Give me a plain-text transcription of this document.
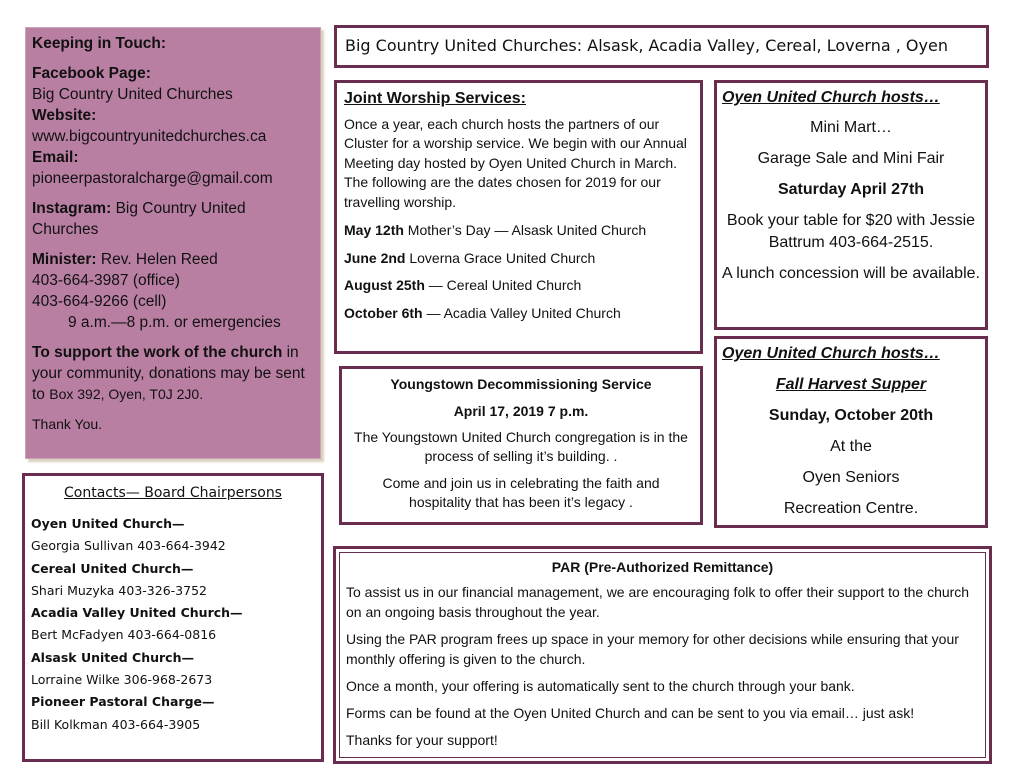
Keeping in Touch:

Facebook Page:

Big Country United Churches

Website:

www.bigcountryunitedchurches.ca

Email:

pioneerpastoralcharge@gmail.com

Instagram: Big Country United Churches

Minister: Rev. Helen Reed

403-664-3987 (office)

403-664-9266 (cell)

9 a.m.—8 p.m. or emergencies

To support the work of the church in your community, donations may be sent to Box 392, Oyen, T0J 2J0.

Thank You.

Contacts— Board Chairpersons

Oyen United Church—

Georgia Sullivan 403-664-3942

Cereal United Church—

Shari Muzyka 403-326-3752

Acadia Valley United Church—

Bert McFadyen 403-664-0816

Alsask United Church—

Lorraine Wilke 306-968-2673

Pioneer Pastoral Charge—

Bill Kolkman 403-664-3905

Big Country United Churches: Alsask, Acadia Valley, Cereal, Loverna , Oyen

Joint Worship Services:

Once a year, each church hosts the partners of our Cluster for a worship service. We begin with our Annual Meeting day hosted by Oyen United Church in March. The following are the dates chosen for 2019 for our travelling worship.

May 12th Mother’s Day — Alsask United Church

June 2nd Loverna Grace United Church

August 25th — Cereal United Church

October 6th — Acadia Valley United Church

Youngstown Decommissioning Service

April 17, 2019 7 p.m.

The Youngstown United Church congregation is in the process of selling it’s building. .

Come and join us in celebrating the faith and hospitality that has been it’s legacy .

Oyen United Church hosts…

Mini Mart…

Garage Sale and Mini Fair

Saturday April 27th

Book your table for $20 with Jessie Battrum 403-664-2515.

A lunch concession will be available.

Oyen United Church hosts…

Fall Harvest Supper

Sunday, October 20th

At the

Oyen Seniors

Recreation Centre.

PAR (Pre-Authorized Remittance)

To assist us in our financial management, we are encouraging folk to offer their support to the church on an ongoing basis throughout the year.

Using the PAR program frees up space in your memory for other decisions while ensuring that your monthly offering is given to the church.

Once a month, your offering is automatically sent to the church through your bank.

Forms can be found at the Oyen United Church and can be sent to you via email… just ask!

Thanks for your support!
